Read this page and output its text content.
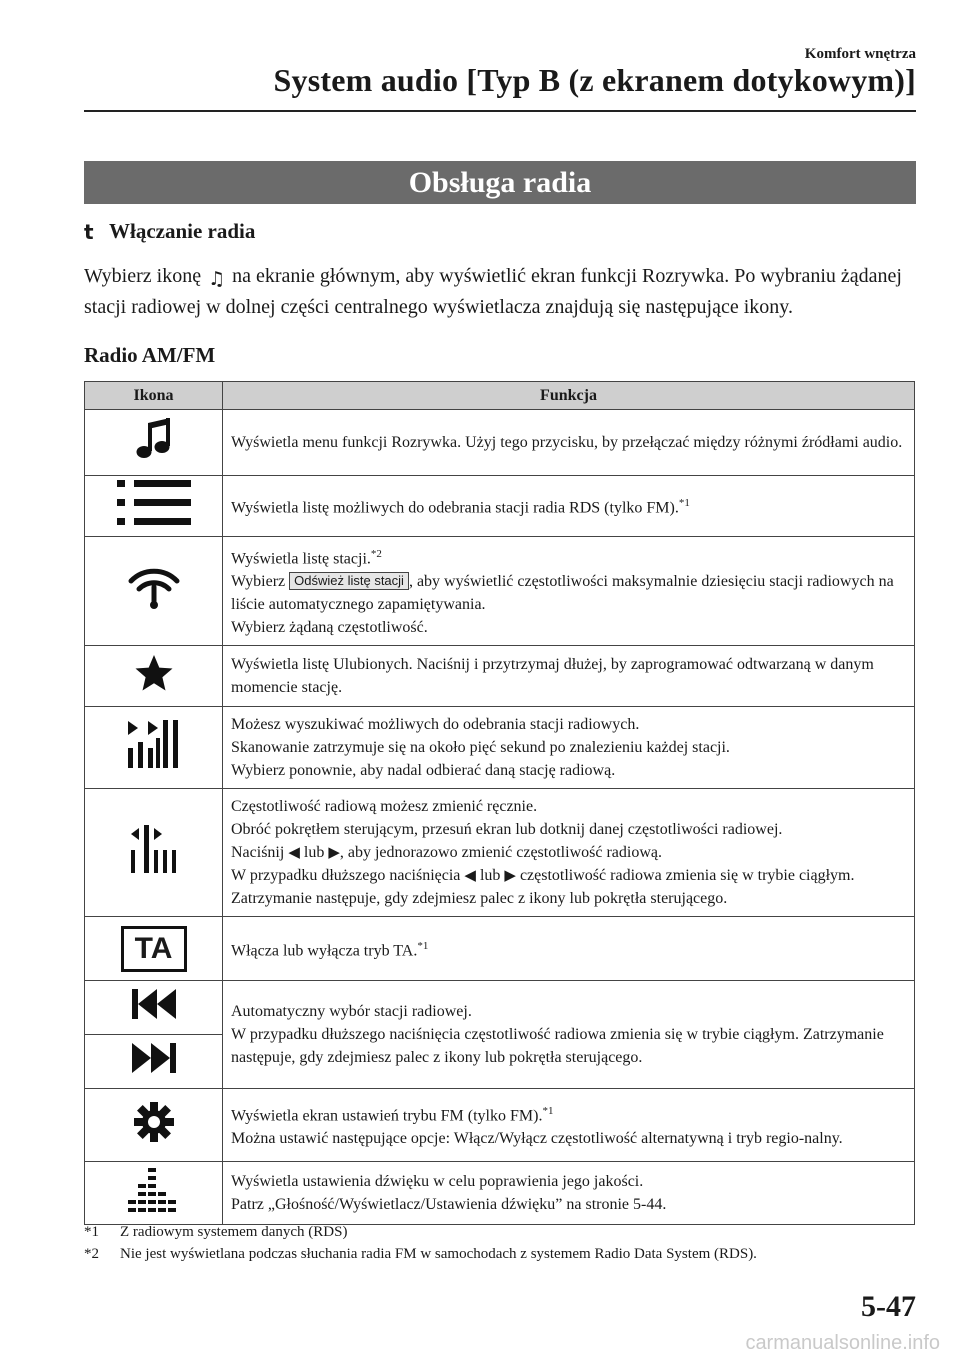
Komfort wnętrza
System audio [Typ B (z ekranem dotykowym)]
Obsługa radia
t Włączanie radia
Wybierz ikonę ♫ na ekranie głównym, aby wyświetlić ekran funkcji Rozrywka. Po wybraniu żądanej stacji radiowej w dolnej części centralnego wyświetlacza znajdują się następujące ikony.
Radio AM/FM
Ikona	Funkcja
	Wyświetla menu funkcji Rozrywka. Użyj tego przycisku, by przełączać między różnymi źródłami audio.
	Wyświetla listę możliwych do odebrania stacji radia RDS (tylko FM).$^{*1}$

Wyświetla listę stacji.$^{*2}$
Wybierz Odśwież listę stacji , aby wyświetlić częstotliwości maksymalnie dziesięciu stacji radiowych na liście automatycznego zapamiętywania.
Wybierz żądaną częstotliwość.

	Wyświetla listę Ulubionych. Naciśnij i przytrzymaj dłużej, by zaprogramować odtwarzaną w danym momencie stację.

Możesz wyszukiwać możliwych do odebrania stacji radiowych.
Skanowanie zatrzymuje się na około pięć sekund po znalezieniu każdej stacji.
Wybierz ponownie, aby nadal odbierać daną stację radiową.

Częstotliwość radiową możesz zmienić ręcznie.
Obróć pokrętłem sterującym, przesuń ekran lub dotknij danej częstotliwości radiowej.
Naciśnij ◀ lub ▶, aby jednorazowo zmienić częstotliwość radiową.
W przypadku dłuższego naciśnięcia ◀ lub ▶ częstotliwość radiowa zmienia się w trybie ciągłym. Zatrzymanie następuje, gdy zdejmiesz palec z ikony lub pokrętła sterującego.

TA	Włącza lub wyłącza tryb TA.$^{*1}$

Automatyczny wybór stacji radiowej.
W przypadku dłuższego naciśnięcia częstotliwość radiowa zmienia się w trybie ciągłym. Zatrzymanie następuje, gdy zdejmiesz palec z ikony lub pokrętła sterującego.

Wyświetla ekran ustawień trybu FM (tylko FM).$^{*1}$
Można ustawić następujące opcje: Włącz/Wyłącz częstotliwość alternatywną i tryb regio-nalny.

Wyświetla ustawienia dźwięku w celu poprawienia jego jakości.
Patrz „Głośność/Wyświetlacz/Ustawienia dźwięku” na stronie 5-44.
*1	Z radiowym systemem danych (RDS)
*2	Nie jest wyświetlana podczas słuchania radia FM w samochodach z systemem Radio Data System (RDS).
5-47
carmanualsonline.info
